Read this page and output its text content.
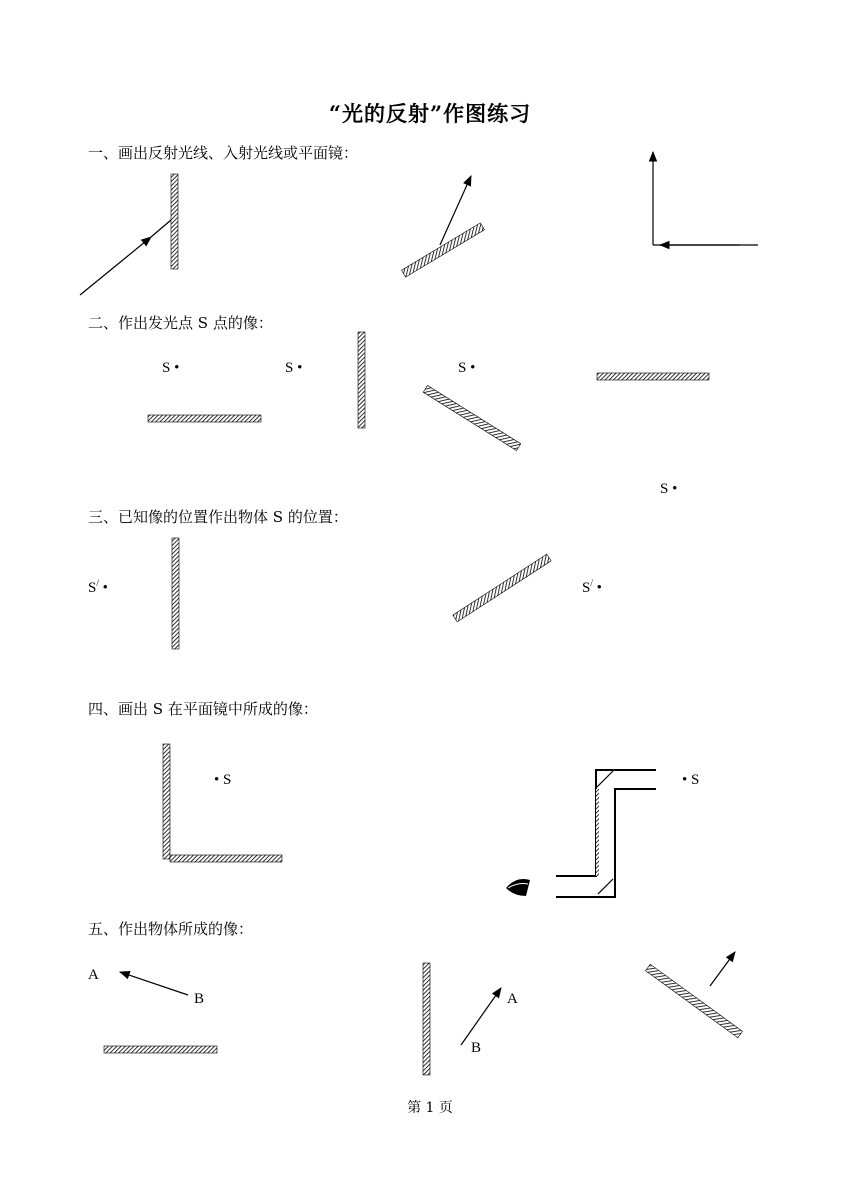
“光的反射”作图练习
一、画出反射光线、入射光线或平面镜：
二、作出发光点 S 点的像：
三、已知像的位置作出物体 S 的位置：
四、画出 S 在平面镜中所成的像：
五、作出物体所成的像：
S •	S •	S •
S •
S/ •	S/ •
• S	• S
A
B	A
B
第 1 页
